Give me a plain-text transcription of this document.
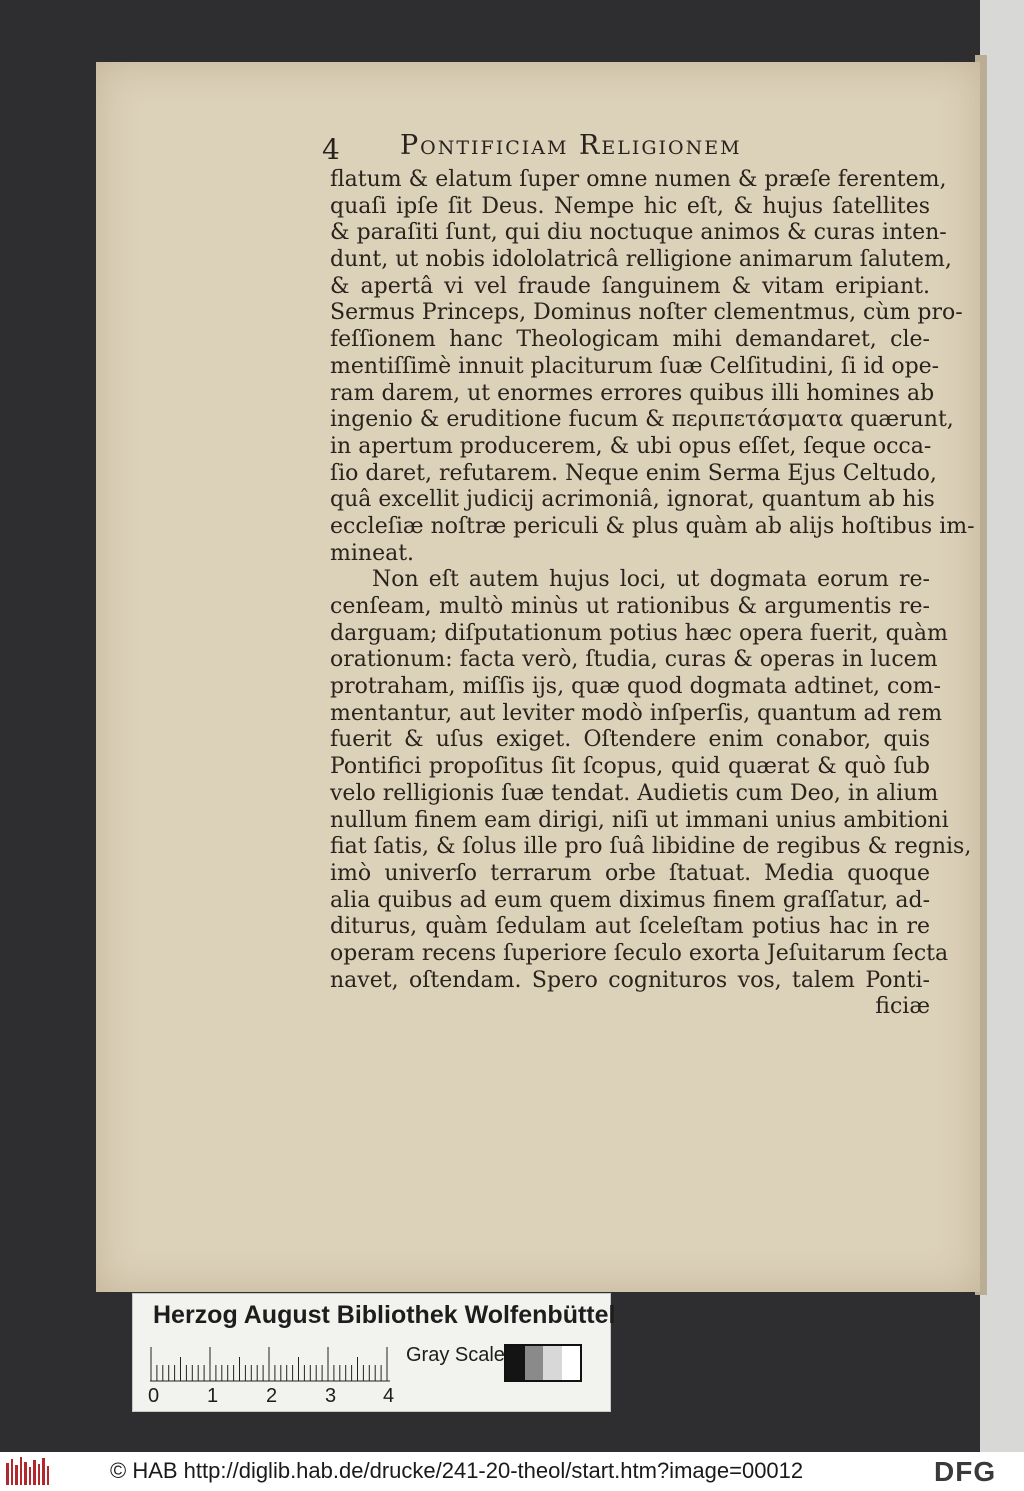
4 Pontificiam Religionem
flatum & elatum ſuper omne numen & præſe ferentem,
quaſi ipſe ſit Deus. Nempe hic eſt, & hujus ſatellites
& paraſiti ſunt, qui diu noctuque animos & curas inten-
dunt, ut nobis idololatricâ relligione animarum ſalutem,
& apertâ vi vel fraude ſanguinem & vitam eripiant.
Sermus Princeps, Dominus noſter clementmus, cùm pro-
feſſionem hanc Theologicam mihi demandaret, cle-
mentiſſimè innuit placiturum ſuæ Celſitudini, ſi id ope-
ram darem, ut enormes errores quibus illi homines ab
ingenio & eruditione fucum & περιπετάσματα quærunt,
in apertum producerem, & ubi opus eſſet, ſeque occa-
ſio daret, refutarem. Neque enim Serma Ejus Celtudo,
quâ excellit judicij acrimoniâ, ignorat, quantum ab his
eccleſiæ noſtræ periculi & plus quàm ab alijs hoſtibus im-
mineat.
Non eſt autem hujus loci, ut dogmata eorum re-
cenſeam, multò minùs ut rationibus & argumentis re-
darguam; diſputationum potius hæc opera fuerit, quàm
orationum: facta verò, ſtudia, curas & operas in lucem
protraham, miſſis ijs, quæ quod dogmata adtinet, com-
mentantur, aut leviter modò inſperſis, quantum ad rem
fuerit & uſus exiget. Oſtendere enim conabor, quis
Pontifici propoſitus ſit ſcopus, quid quærat & quò ſub
velo relligionis ſuæ tendat. Audietis cum Deo, in alium
nullum finem eam dirigi, niſi ut immani unius ambitioni
fiat ſatis, & ſolus ille pro ſuâ libidine de regibus & regnis,
imò univerſo terrarum orbe ſtatuat. Media quoque
alia quibus ad eum quem diximus finem graſſatur, ad-
diturus, quàm ſedulam aut ſceleſtam potius hac in re
operam recens ſuperiore ſeculo exorta Jeſuitarum ſecta
navet, oſtendam. Spero cognituros vos, talem Ponti-
ficiæ
Herzog August Bibliothek Wolfenbüttel
0 1 2 3 4
Gray Scale
© HAB http://diglib.hab.de/drucke/241-20-theol/start.htm?image=00012	DFG
